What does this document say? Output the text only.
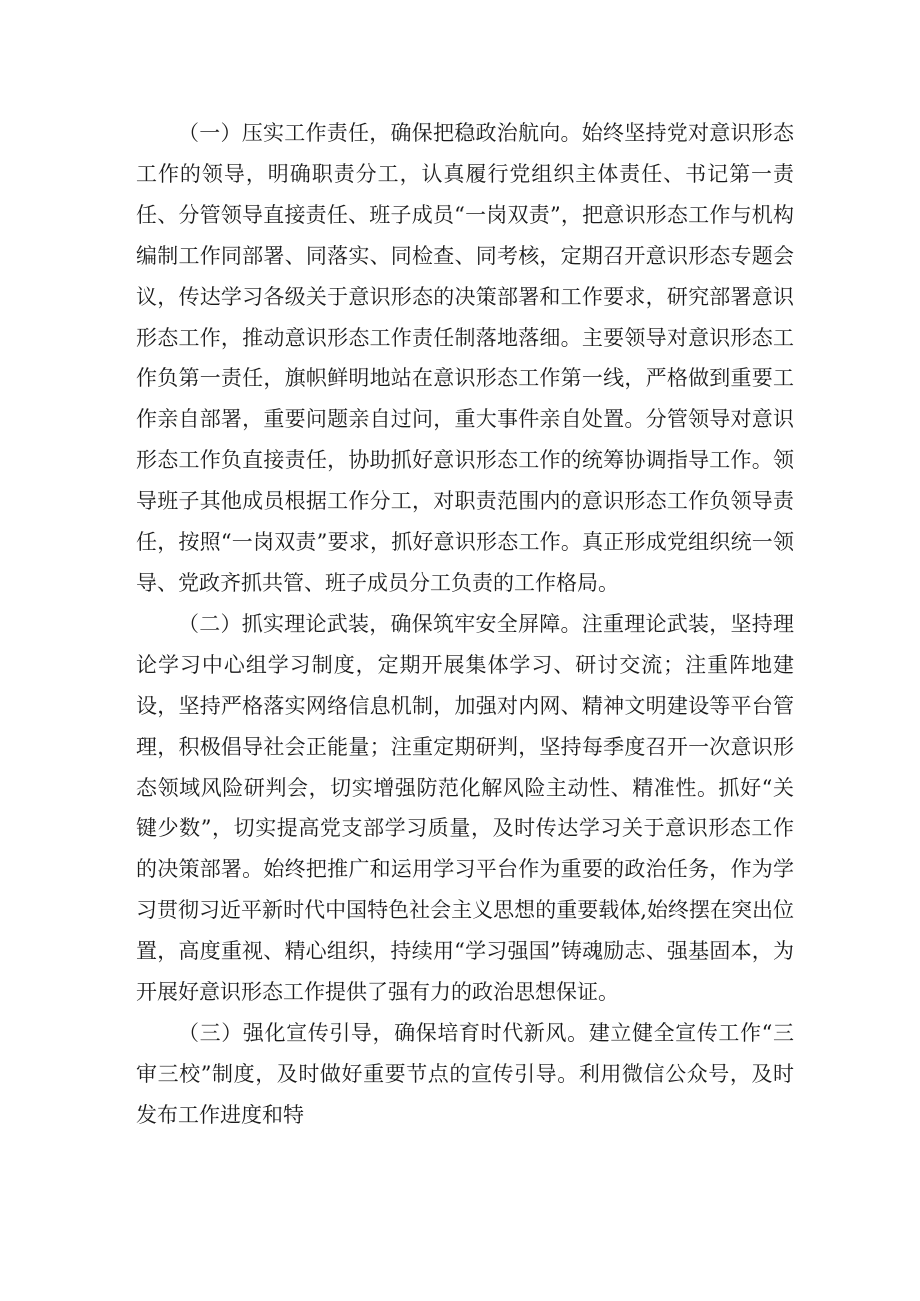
（一）压实工作责任，确保把稳政治航向。始终坚持党对意识形态工作的领导，明确职责分工，认真履行党组织主体责任、书记第一责任、分管领导直接责任、班子成员“一岗双责”，把意识形态工作与机构编制工作同部署、同落实、同检查、同考核，定期召开意识形态专题会议，传达学习各级关于意识形态的决策部署和工作要求，研究部署意识形态工作，推动意识形态工作责任制落地落细。主要领导对意识形态工作负第一责任，旗帜鲜明地站在意识形态工作第一线，严格做到重要工作亲自部署，重要问题亲自过问，重大事件亲自处置。分管领导对意识形态工作负直接责任，协助抓好意识形态工作的统筹协调指导工作。领导班子其他成员根据工作分工，对职责范围内的意识形态工作负领导责任，按照“一岗双责”要求，抓好意识形态工作。真正形成党组织统一领导、党政齐抓共管、班子成员分工负责的工作格局。

（二）抓实理论武装，确保筑牢安全屏障。注重理论武装，坚持理论学习中心组学习制度，定期开展集体学习、研讨交流；注重阵地建设，坚持严格落实网络信息机制，加强对内网、精神文明建设等平台管理，积极倡导社会正能量；注重定期研判，坚持每季度召开一次意识形态领域风险研判会，切实增强防范化解风险主动性、精准性。抓好“关键少数”，切实提高党支部学习质量，及时传达学习关于意识形态工作的决策部署。始终把推广和运用学习平台作为重要的政治任务，作为学习贯彻习近平新时代中国特色社会主义思想的重要载体,始终摆在突出位置，高度重视、精心组织，持续用“学习强国”铸魂励志、强基固本，为开展好意识形态工作提供了强有力的政治思想保证。

（三）强化宣传引导，确保培育时代新风。建立健全宣传工作“三审三校”制度，及时做好重要节点的宣传引导。利用微信公众号，及时发布工作进度和特
